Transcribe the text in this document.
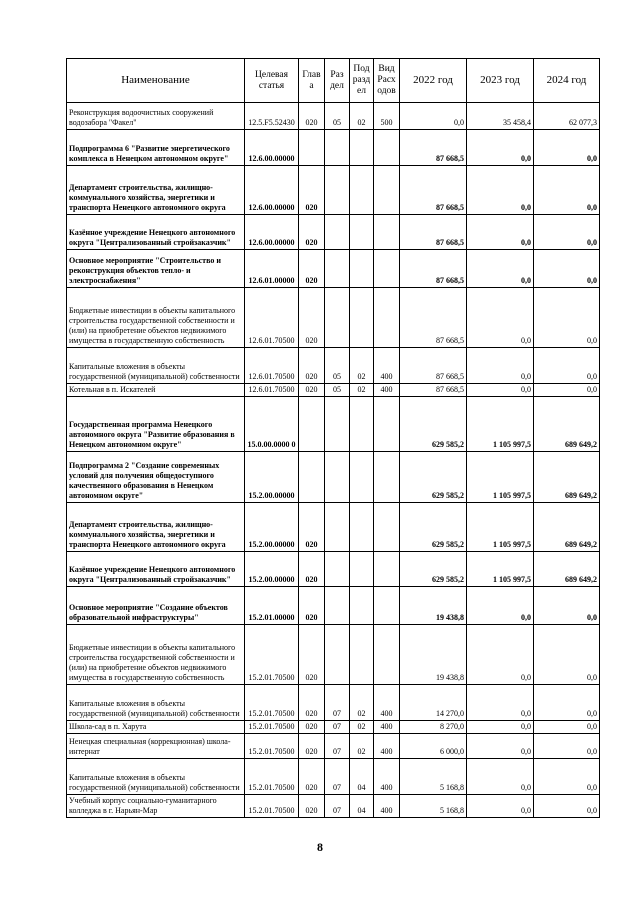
Наименование	Целевая статья	Глав а	Раз дел	Под разд ел	Вид Расх одов	2022 год	2023 год	2024 год
Реконструкция водоочистных сооружений водозабора "Факел"	12.5.F5.52430	020	05	02	500	0,0	35 458,4	62 077,3
Подпрограмма 6 "Развитие энергетического комплекса в Ненецком автономном округе"	12.6.00.00000					87 668,5	0,0	0,0
Департамент строительства, жилищно-коммунального хозяйства, энергетики и транспорта Ненецкого автономного округа	12.6.00.00000	020				87 668,5	0,0	0,0
Казённое учреждение Ненецкого автономного округа "Централизованный стройзаказчик"	12.6.00.00000	020				87 668,5	0,0	0,0
Основное мероприятие "Строительство и реконструкция объектов тепло- и электроснабжения"	12.6.01.00000	020				87 668,5	0,0	0,0
Бюджетные инвестиции в объекты капитального строительства государственной собственности и (или) на приобретение объектов недвижимого имущества в государственную собственность	12.6.01.70500	020				87 668,5	0,0	0,0
Капитальные вложения в объекты государственной (муниципальной) собственности	12.6.01.70500	020	05	02	400	87 668,5	0,0	0,0
Котельная в п. Искателей	12.6.01.70500	020	05	02	400	87 668,5	0,0	0,0
Государственная программа Ненецкого автономного округа "Развитие образования в Ненецком автономном округе"	15.0.00.0000 0					629 585,2	1 105 997,5	689 649,2
Подпрограмма 2 "Создание современных условий для получения общедоступного качественного образования в Ненецком автономном округе"	15.2.00.00000					629 585,2	1 105 997,5	689 649,2
Департамент строительства, жилищно-коммунального хозяйства, энергетики и транспорта Ненецкого автономного округа	15.2.00.00000	020				629 585,2	1 105 997,5	689 649,2
Казённое учреждение Ненецкого автономного округа "Централизованный стройзаказчик"	15.2.00.00000	020				629 585,2	1 105 997,5	689 649,2
Основное мероприятие "Создание объектов образовательной инфраструктуры"	15.2.01.00000	020				19 438,8	0,0	0,0
Бюджетные инвестиции в объекты капитального строительства государственной собственности и (или) на приобретение объектов недвижимого имущества в государственную собственность	15.2.01.70500	020				19 438,8	0,0	0,0
Капитальные вложения в объекты государственной (муниципальной) собственности	15.2.01.70500	020	07	02	400	14 270,0	0,0	0,0
Школа-сад в п. Харута	15.2.01.70500	020	07	02	400	8 270,0	0,0	0,0
Ненецкая специальная (коррекционная) школа-интернат	15.2.01.70500	020	07	02	400	6 000,0	0,0	0,0
Капитальные вложения в объекты государственной (муниципальной) собственности	15.2.01.70500	020	07	04	400	5 168,8	0,0	0,0
Учебный корпус социально-гуманитарного колледжа в г. Нарьян-Мар	15.2.01.70500	020	07	04	400	5 168,8	0,0	0,0
8
